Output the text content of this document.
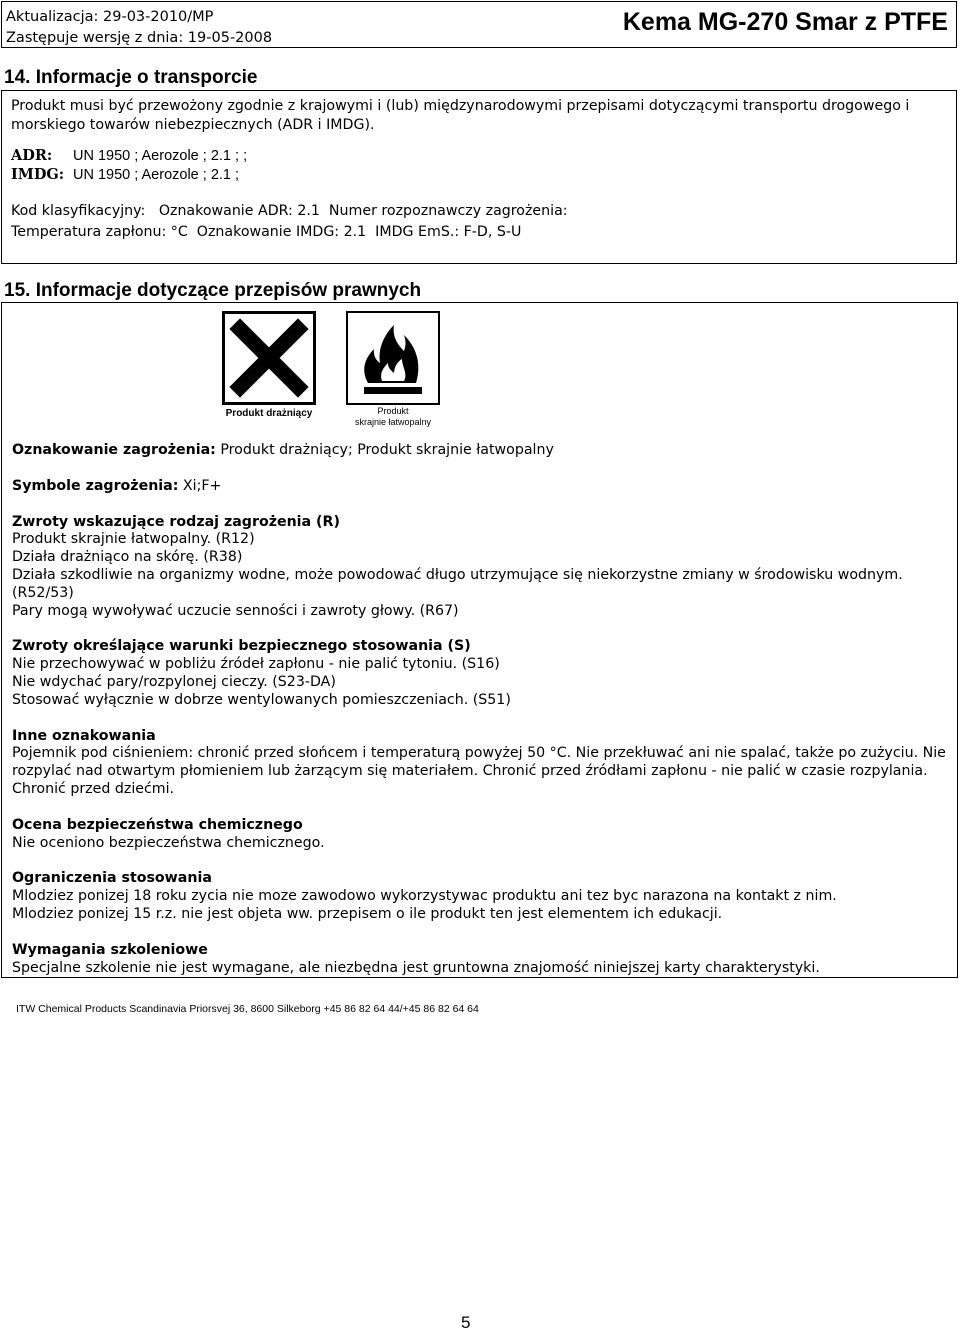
Aktualizacja: 29-03-2010/MP
Zastępuje wersję z dnia: 19-05-2008
Kema MG-270 Smar z PTFE
14. Informacje o transporcie
Produkt musi być przewożony zgodnie z krajowymi i (lub) międzynarodowymi przepisami dotyczącymi transportu drogowego i morskiego towarów niebezpiecznych (ADR i IMDG).
ADR: UN 1950 ; Aerozole ; 2.1 ; ;
IMDG: UN 1950 ; Aerozole ; 2.1 ;
Kod klasyfikacyjny:   Oznakowanie ADR: 2.1  Numer rozpoznawczy zagrożenia:
Temperatura zapłonu: °C  Oznakowanie IMDG: 2.1  IMDG EmS.: F-D, S-U
15. Informacje dotyczące przepisów prawnych
Produkt drażniący	Produkt
skrajnie łatwopalny

Oznakowanie zagrożenia: Produkt drażniący; Produkt skrajnie łatwopalny

Symbole zagrożenia: Xi;F+

Zwroty wskazujące rodzaj zagrożenia (R)

Produkt skrajnie łatwopalny. (R12)

Działa drażniąco na skórę. (R38)

Działa szkodliwie na organizmy wodne, może powodować długo utrzymujące się niekorzystne zmiany w środowisku wodnym.

(R52/53)

Pary mogą wywoływać uczucie senności i zawroty głowy. (R67)

Zwroty określające warunki bezpiecznego stosowania (S)

Nie przechowywać w pobliżu źródeł zapłonu - nie palić tytoniu. (S16)

Nie wdychać pary/rozpylonej cieczy. (S23-DA)

Stosować wyłącznie w dobrze wentylowanych pomieszczeniach. (S51)

Inne oznakowania

Pojemnik pod ciśnieniem: chronić przed słońcem i temperaturą powyżej 50 °C. Nie przekłuwać ani nie spalać, także po zużyciu. Nie rozpylać nad otwartym płomieniem lub żarzącym się materiałem. Chronić przed źródłami zapłonu - nie palić w czasie rozpylania. Chronić przed dziećmi.

Ocena bezpieczeństwa chemicznego

Nie oceniono bezpieczeństwa chemicznego.

Ograniczenia stosowania

Mlodziez ponizej 18 roku zycia nie moze zawodowo wykorzystywac produktu ani tez byc narazona na kontakt z nim.

Mlodziez ponizej 15 r.z. nie jest objeta ww. przepisem o ile produkt ten jest elementem ich edukacji.

Wymagania szkoleniowe

Specjalne szkolenie nie jest wymagane, ale niezbędna jest gruntowna znajomość niniejszej karty charakterystyki.

ITW Chemical Products Scandinavia Priorsvej 36, 8600 Silkeborg +45 86 82 64 44/+45 86 82 64 64
5
